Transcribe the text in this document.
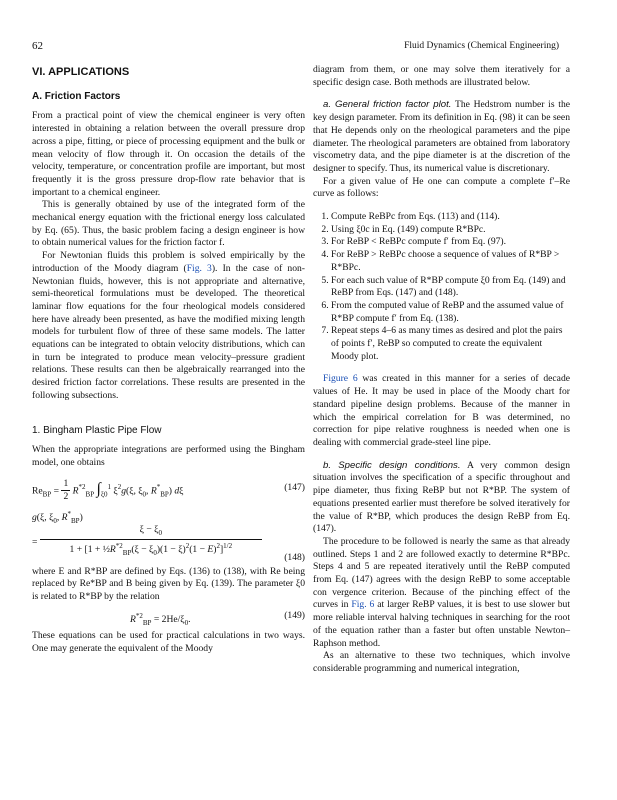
62	Fluid Dynamics (Chemical Engineering)
VI. APPLICATIONS
A. Friction Factors

From a practical point of view the chemical engineer is very often interested in obtaining a relation between the overall pressure drop across a pipe, fitting, or piece of processing equipment and the bulk or mean velocity of flow through it. On occasion the details of the velocity, temperature, or concentration profile are important, but most frequently it is the gross pressure drop-flow rate behavior that is important to a chemical engineer.

This is generally obtained by use of the integrated form of the mechanical energy equation with the frictional energy loss calculated by Eq. (65). Thus, the basic problem facing a design engineer is how to obtain numerical values for the friction factor f.

For Newtonian fluids this problem is solved empirically by the introduction of the Moody diagram (Fig. 3). In the case of non-Newtonian fluids, however, this is not appropriate and alternative, semi-theoretical formulations must be developed. The theoretical laminar flow equations for the four rheological models considered here have already been presented, as have the modified mixing length models for turbulent flow of three of these same models. The latter equations can be integrated to obtain velocity distributions, which can in turn be integrated to produce mean velocity–pressure gradient relations. These results can then be algebraically rearranged into the desired friction factor correlations. These results are presented in the following subsections.

1. Bingham Plastic Pipe Flow

When the appropriate integrations are performed using the Bingham model, one obtains

$Re_{BP} = \frac{1}{2} R^{*2}_{BP}$ $\int_{\xi 0}^1$ $\xi^2g(\xi$, $\xi_0$, $R^*_{BP}$) dξ	(147)
g(ξ, $\xi_0$, $R^*_{BP}$)
= $\frac{\xi - \xi_0}{1 + [1 + \frac{1}{2}R^{*2}_{BP}(\xi - \xi_0)(1 - \xi)^2(1 - E)^2]^{1/2}} (148)$

where E and R*BP are defined by Eqs. (136) to (138), with Re being replaced by Re*BP and B being given by Eq. (139). The parameter ξ0 is related to R*BP by the relation

$R^{*2}_{BP} = 2He/\xi_0$.	(149)

These equations can be used for practical calculations in two ways. One may generate the equivalent of the Moody

diagram from them, or one may solve them iteratively for a specific design case. Both methods are illustrated below.

a. General friction factor plot. The Hedstrom number is the key design parameter. From its definition in Eq. (98) it can be seen that He depends only on the rheological parameters and the pipe diameter. The rheological parameters are obtained from laboratory viscometry data, and the pipe diameter is at the discretion of the designer to specify. Thus, its numerical value is discretionary.

For a given value of He one can compute a complete f′–Re curve as follows:

1. Compute ReBPc from Eqs. (113) and (114).
2. Using ξ0c in Eq. (149) compute R*BPc.
3. For ReBP < ReBPc compute f′ from Eq. (97).
4. For ReBP > ReBPc choose a sequence of values of R*BP > R*BPc.
5. For each such value of R*BP compute ξ0 from Eq. (149) and ReBP from Eqs. (147) and (148).
6. From the computed value of ReBP and the assumed value of R*BP compute f′ from Eq. (138).
7. Repeat steps 4–6 as many times as desired and plot the pairs of points f′, ReBP so computed to create the equivalent Moody plot.

Figure 6 was created in this manner for a series of decade values of He. It may be used in place of the Moody chart for standard pipeline design problems. Because of the manner in which the empirical correlation for B was determined, no correction for pipe relative roughness is needed when one is dealing with commercial grade-steel line pipe.

b. Specific design conditions. A very common design situation involves the specification of a specific throughout and pipe diameter, thus fixing ReBP but not R*BP. The system of equations presented earlier must therefore be solved iteratively for the value of R*BP, which produces the design ReBP from Eq. (147).

The procedure to be followed is nearly the same as that already outlined. Steps 1 and 2 are followed exactly to determine R*BPc. Steps 4 and 5 are repeated iteratively until the ReBP computed from Eq. (147) agrees with the design ReBP to some acceptable con vergence criterion. Because of the pinching effect of the curves in Fig. 6 at larger ReBP values, it is best to use slower but more reliable interval halving techniques in searching for the root of the equation rather than a faster but often unstable Newton–Raphson method.

As an alternative to these two techniques, which involve considerable programming and numerical integration,
